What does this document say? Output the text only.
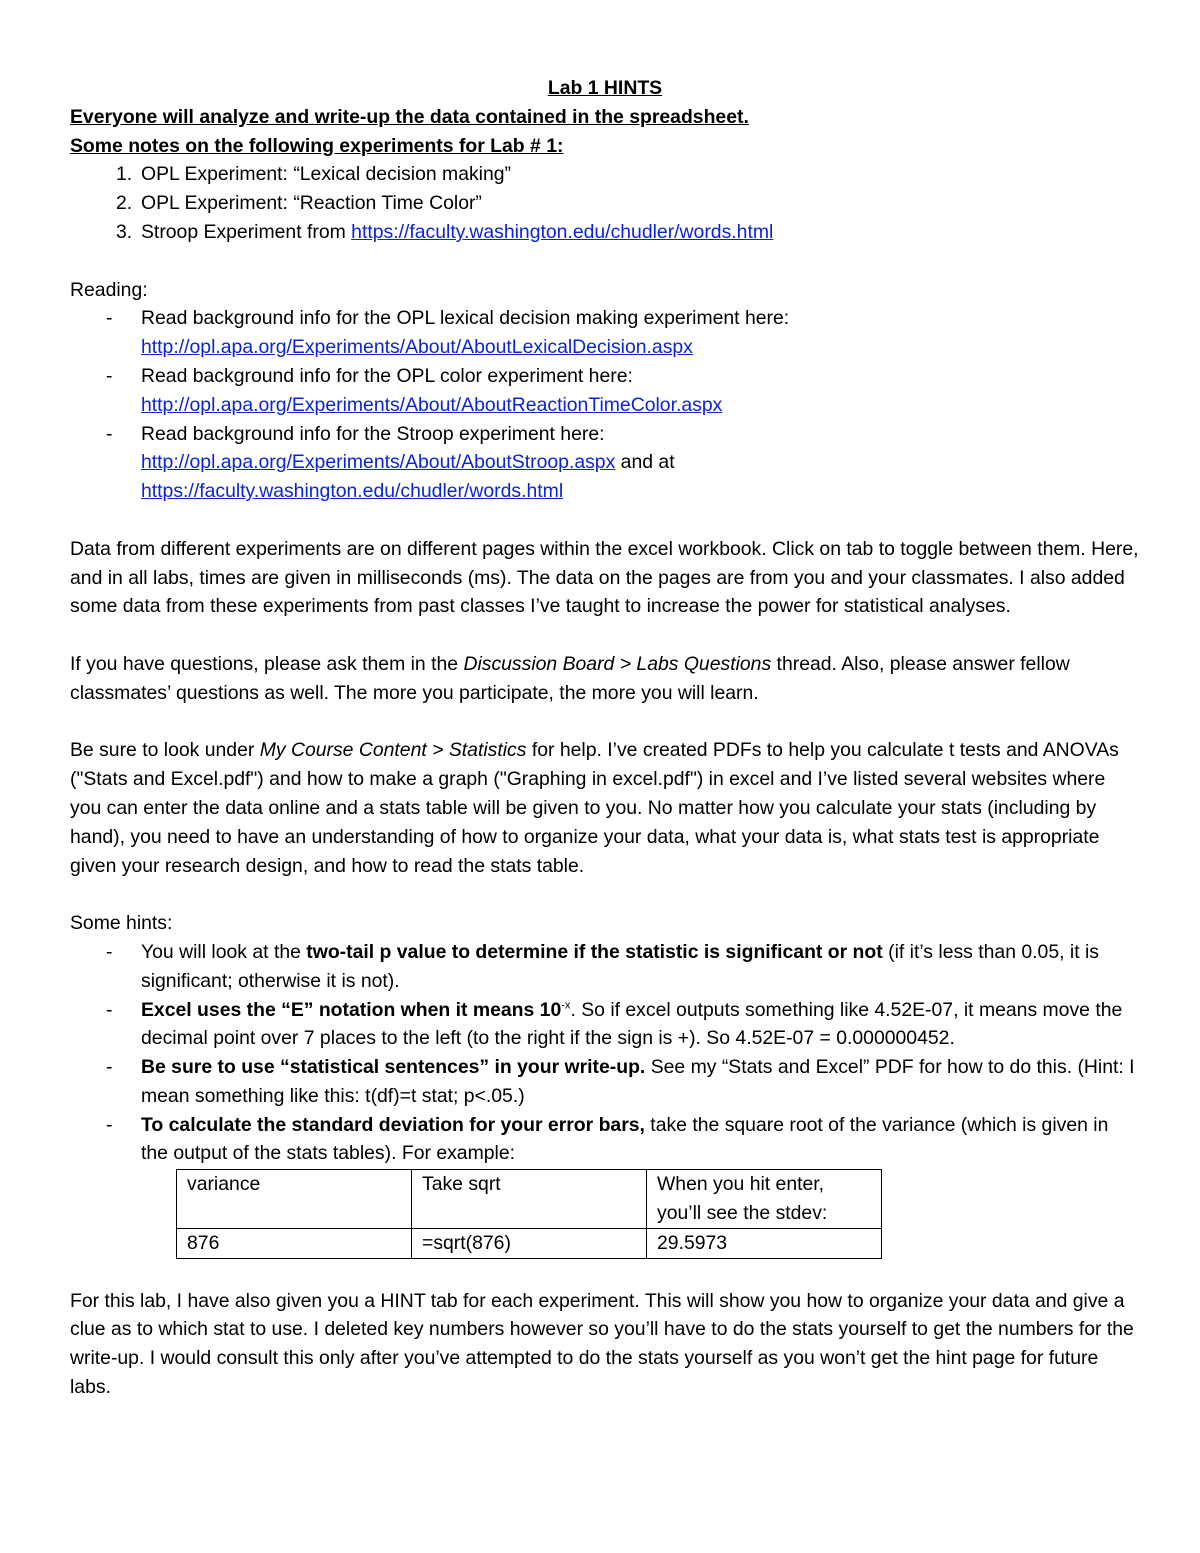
Lab 1 HINTS

Everyone will analyze and write-up the data contained in the spreadsheet.

Some notes on the following experiments for Lab # 1:

1. OPL Experiment: “Lexical decision making”
2. OPL Experiment: “Reaction Time Color”
3. Stroop Experiment from https://faculty.washington.edu/chudler/words.html

Reading:

- Read background info for the OPL lexical decision making experiment here:
http://opl.apa.org/Experiments/About/AboutLexicalDecision.aspx
- Read background info for the OPL color experiment here:
http://opl.apa.org/Experiments/About/AboutReactionTimeColor.aspx
- Read background info for the Stroop experiment here:
http://opl.apa.org/Experiments/About/AboutStroop.aspx and at
https://faculty.washington.edu/chudler/words.html

Data from different experiments are on different pages within the excel workbook. Click on tab to toggle between them. Here, and in all labs, times are given in milliseconds (ms). The data on the pages are from you and your classmates. I also added some data from these experiments from past classes I’ve taught to increase the power for statistical analyses.

If you have questions, please ask them in the Discussion Board > Labs Questions thread. Also, please answer fellow classmates’ questions as well. The more you participate, the more you will learn.

Be sure to look under My Course Content > Statistics for help. I’ve created PDFs to help you calculate t tests and ANOVAs ("Stats and Excel.pdf") and how to make a graph ("Graphing in excel.pdf") in excel and I’ve listed several websites where you can enter the data online and a stats table will be given to you. No matter how you calculate your stats (including by hand), you need to have an understanding of how to organize your data, what your data is, what stats test is appropriate given your research design, and how to read the stats table.

Some hints:

- You will look at the two-tail p value to determine if the statistic is significant or not (if it’s less than 0.05, it is significant; otherwise it is not).
- Excel uses the “E” notation when it means $10^{-x}$. So if excel outputs something like 4.52E-07, it means move the decimal point over 7 places to the left (to the right if the sign is +). So 4.52E-07 = 0.000000452.
- Be sure to use “statistical sentences” in your write-up. See my “Stats and Excel” PDF for how to do this. (Hint: I mean something like this: t(df)=t stat; p<.05.)
- To calculate the standard deviation for your error bars, take the square root of the variance (which is given in the output of the stats tables). For example:
variance	Take sqrt	When you hit enter, you’ll see the stdev:
876	=sqrt(876)	29.5973

For this lab, I have also given you a HINT tab for each experiment. This will show you how to organize your data and give a clue as to which stat to use. I deleted key numbers however so you’ll have to do the stats yourself to get the numbers for the write-up. I would consult this only after you’ve attempted to do the stats yourself as you won’t get the hint page for future labs.
